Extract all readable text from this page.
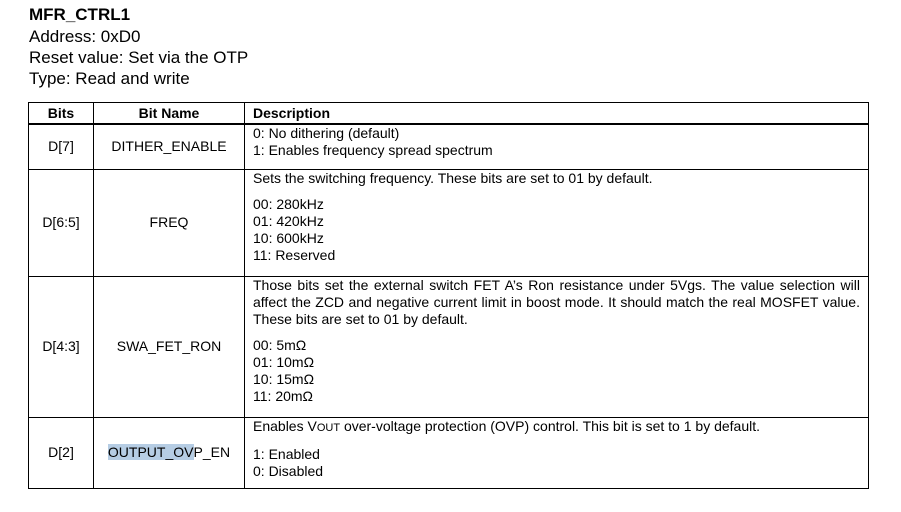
MFR_CTRL1

Address: 0xD0

Reset value: Set via the OTP

Type: Read and write

Bits	Bit Name	Description
D[7]	DITHER_ENABLE	0: No dithering (default)
1: Enables frequency spread spectrum

D[6:5]	FREQ	Sets the switching frequency. These bits are set to 01 by default.
00: 280kHz
01: 420kHz
10: 600kHz
11: Reserved

D[4:3]	SWA_FET_RON	Those bits set the external switch FET A’s Ron resistance under 5Vgs. The value selection will affect the ZCD and negative current limit in boost mode. It should match the real MOSFET value. These bits are set to 01 by default.
00: 5mΩ
01: 10mΩ
10: 15mΩ
11: 20mΩ

D[2]	OUTPUT_OVP_EN	Enables VOUT over-voltage protection (OVP) control. This bit is set to 1 by default.
1: Enabled
0: Disabled
